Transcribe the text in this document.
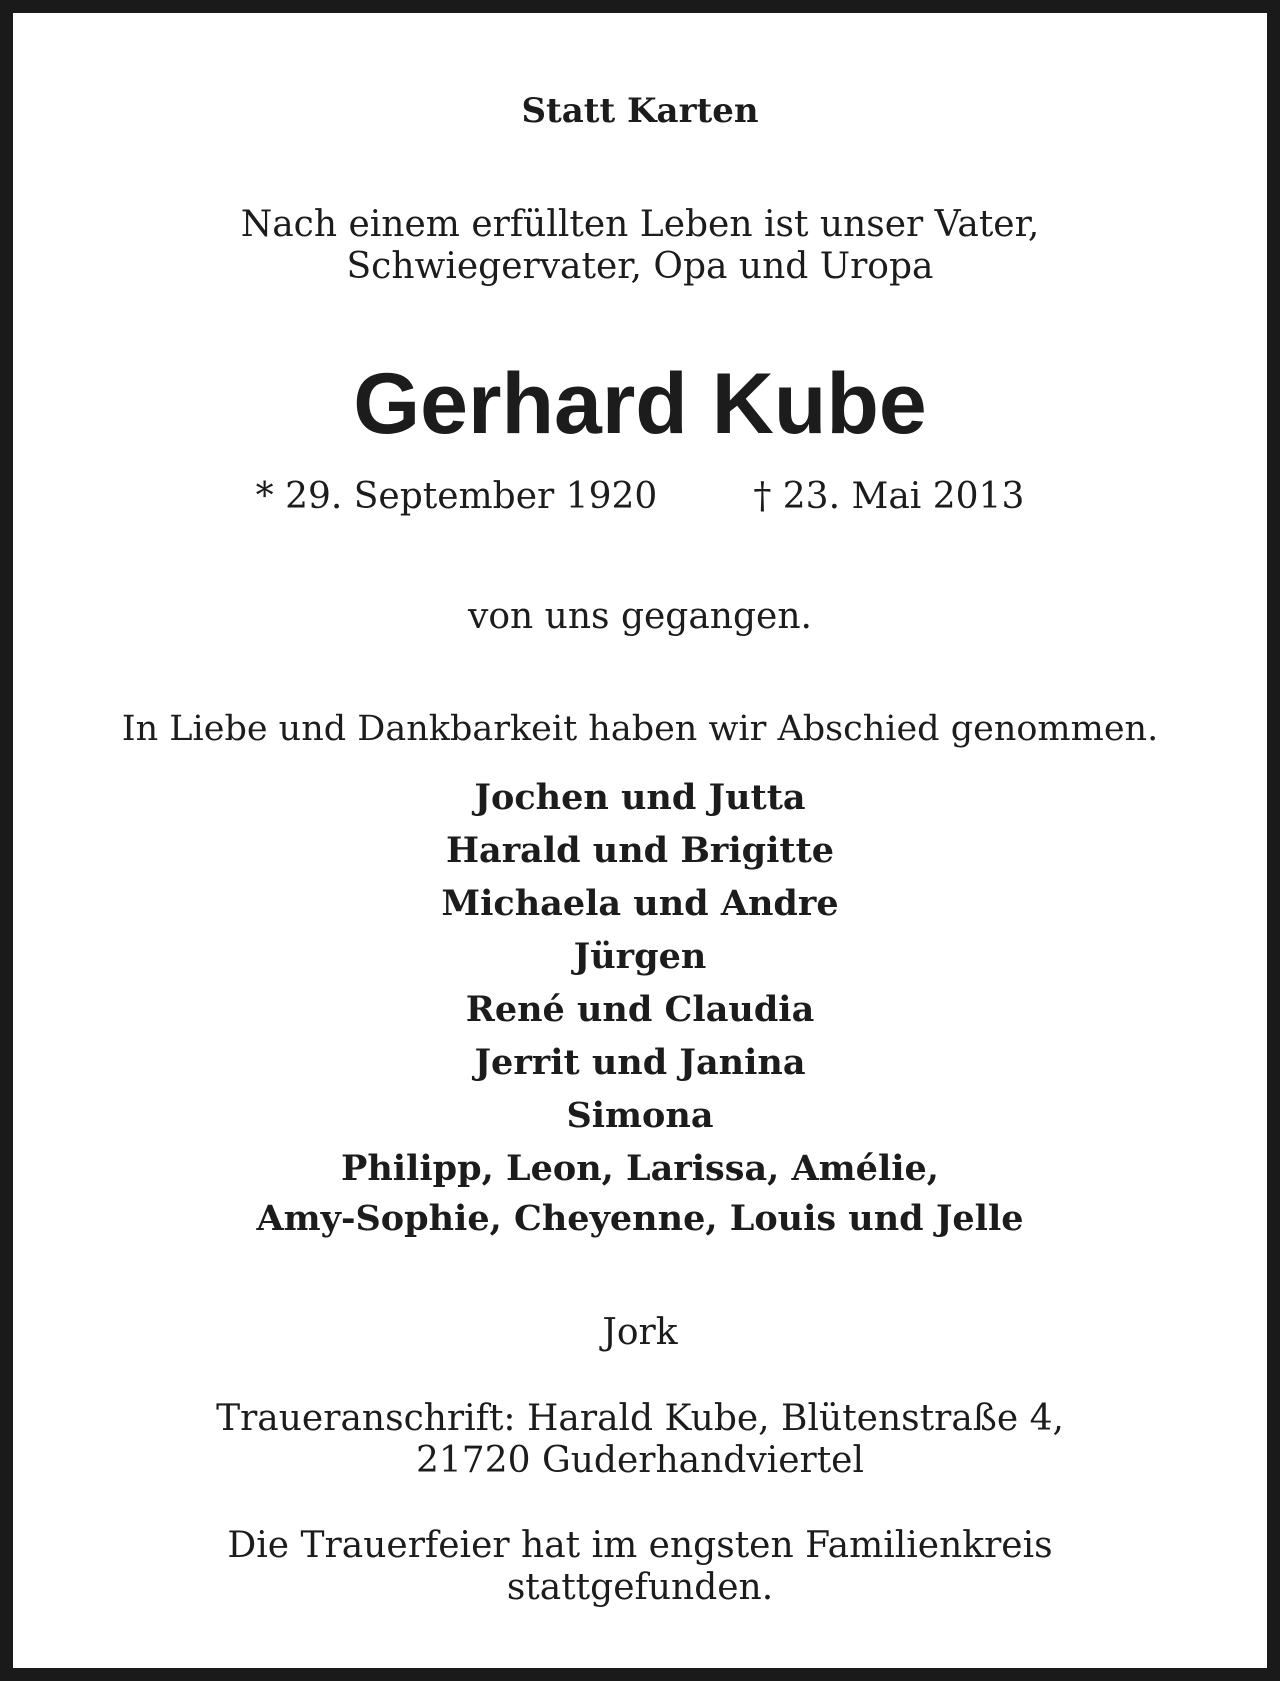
Statt Karten

Nach einem erfüllten Leben ist unser Vater,

Schwiegervater, Opa und Uropa

Gerhard Kube

* 29. September 1920	† 23. Mai 2013

von uns gegangen.

In Liebe und Dankbarkeit haben wir Abschied genommen.

Jochen und Jutta

Harald und Brigitte

Michaela und Andre

Jürgen

René und Claudia

Jerrit und Janina

Simona

Philipp, Leon, Larissa, Amélie,

Amy-Sophie, Cheyenne, Louis und Jelle

Jork

Traueranschrift: Harald Kube, Blütenstraße 4,

21720 Guderhandviertel

Die Trauerfeier hat im engsten Familienkreis

stattgefunden.
